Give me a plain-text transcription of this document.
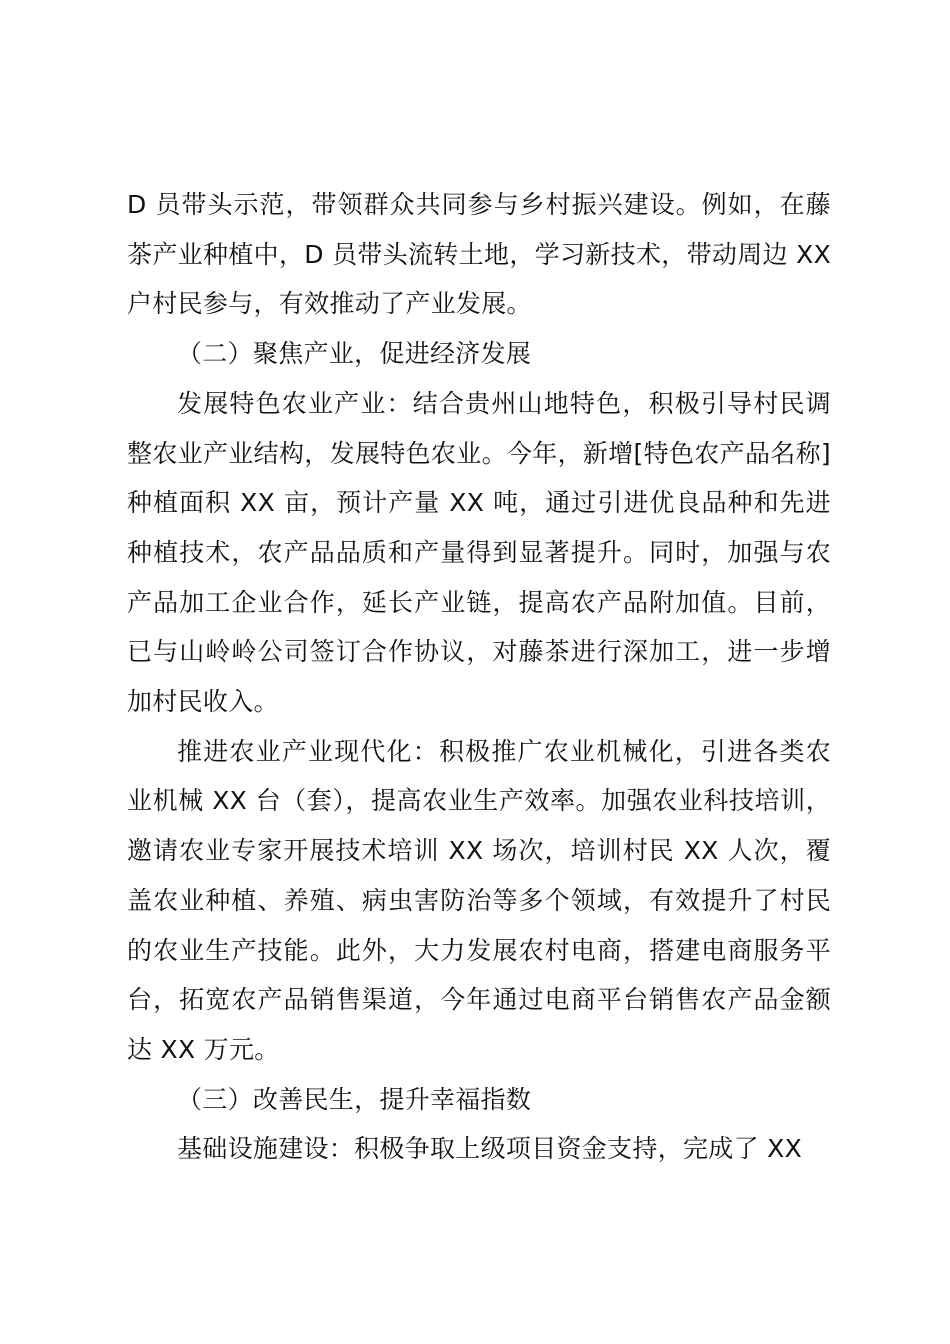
D 员带头示范，带领群众共同参与乡村振兴建设。例如，在藤茶产业种植中，D 员带头流转土地，学习新技术，带动周边 XX 户村民参与，有效推动了产业发展。

（二）聚焦产业，促进经济发展

发展特色农业产业：结合贵州山地特色，积极引导村民调整农业产业结构，发展特色农业。今年，新增[特色农产品名称]种植面积 XX 亩，预计产量 XX 吨，通过引进优良品种和先进种植技术，农产品品质和产量得到显著提升。同时，加强与农产品加工企业合作，延长产业链，提高农产品附加值。目前，已与山岭岭公司签订合作协议，对藤茶进行深加工，进一步增加村民收入。

推进农业产业现代化：积极推广农业机械化，引进各类农业机械 XX 台（套），提高农业生产效率。加强农业科技培训，邀请农业专家开展技术培训 XX 场次，培训村民 XX 人次，覆盖农业种植、养殖、病虫害防治等多个领域，有效提升了村民的农业生产技能。此外，大力发展农村电商，搭建电商服务平台，拓宽农产品销售渠道，今年通过电商平台销售农产品金额达 XX 万元。

（三）改善民生，提升幸福指数

基础设施建设：积极争取上级项目资金支持，完成了 XX
